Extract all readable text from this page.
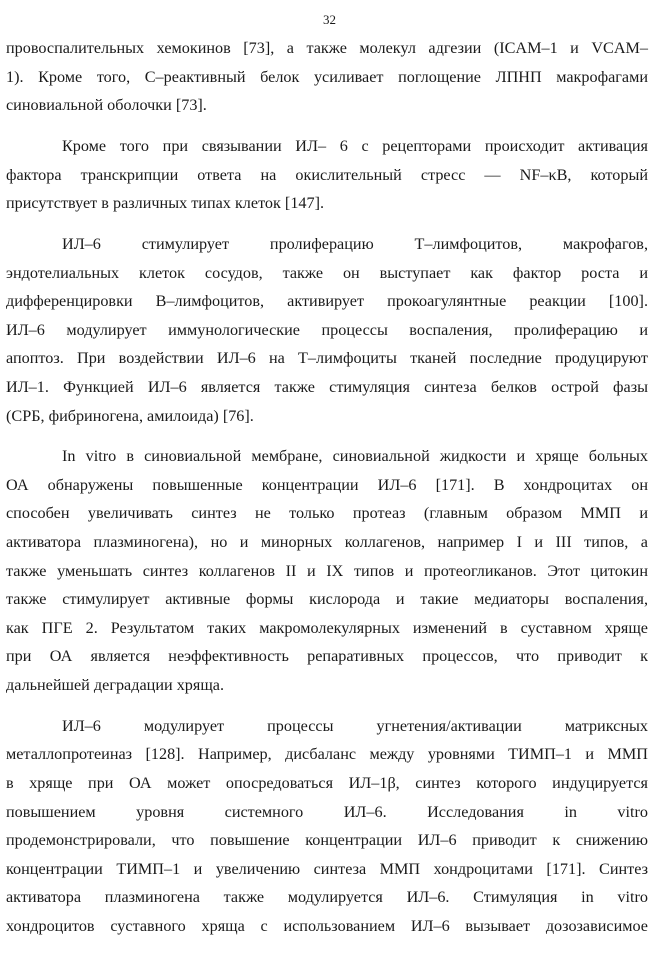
32
провоспалительных хемокинов [73], а также молекул адгезии (ICAM–1 и VCAM–
1). Кроме того, С–реактивный белок усиливает поглощение ЛПНП макрофагами
синовиальной оболочки [73].
Кроме того при связывании ИЛ– 6 с рецепторами происходит активация
фактора транскрипции ответа на окислительный стресс — NF–κB, который
присутствует в различных типах клеток [147].
ИЛ–6 стимулирует пролиферацию Т–лимфоцитов, макрофагов,
эндотелиальных клеток сосудов, также он выступает как фактор роста и
дифференцировки В–лимфоцитов, активирует прокоагулянтные реакции [100].
ИЛ–6 модулирует иммунологические процессы воспаления, пролиферацию и
апоптоз. При воздействии ИЛ–6 на Т–лимфоциты тканей последние продуцируют
ИЛ–1. Функцией ИЛ–6 является также стимуляция синтеза белков острой фазы
(СРБ, фибриногена, амилоида) [76].
In vitro в синовиальной мембране, синовиальной жидкости и хряще больных
ОА обнаружены повышенные концентрации ИЛ–6 [171]. В хондроцитах он
способен увеличивать синтез не только протеаз (главным образом ММП и
активатора плазминогена), но и минорных коллагенов, например I и III типов, а
также уменьшать синтез коллагенов II и IX типов и протеогликанов. Этот цитокин
также стимулирует активные формы кислорода и такие медиаторы воспаления,
как ПГЕ 2. Результатом таких макромолекулярных изменений в суставном хряще
при ОА является неэффективность репаративных процессов, что приводит к
дальнейшей деградации хряща.
ИЛ–6 модулирует процессы угнетения/активации матриксных
металлопротеиназ [128]. Например, дисбаланс между уровнями ТИМП–1 и ММП
в хряще при ОА может опосредоваться ИЛ–1β, синтез которого индуцируется
повышением уровня системного ИЛ–6. Исследования in vitro
продемонстрировали, что повышение концентрации ИЛ–6 приводит к снижению
концентрации ТИМП–1 и увеличению синтеза ММП хондроцитами [171]. Синтез
активатора плазминогена также модулируется ИЛ–6. Стимуляция in vitro
хондроцитов суставного хряща с использованием ИЛ–6 вызывает дозозависимое
